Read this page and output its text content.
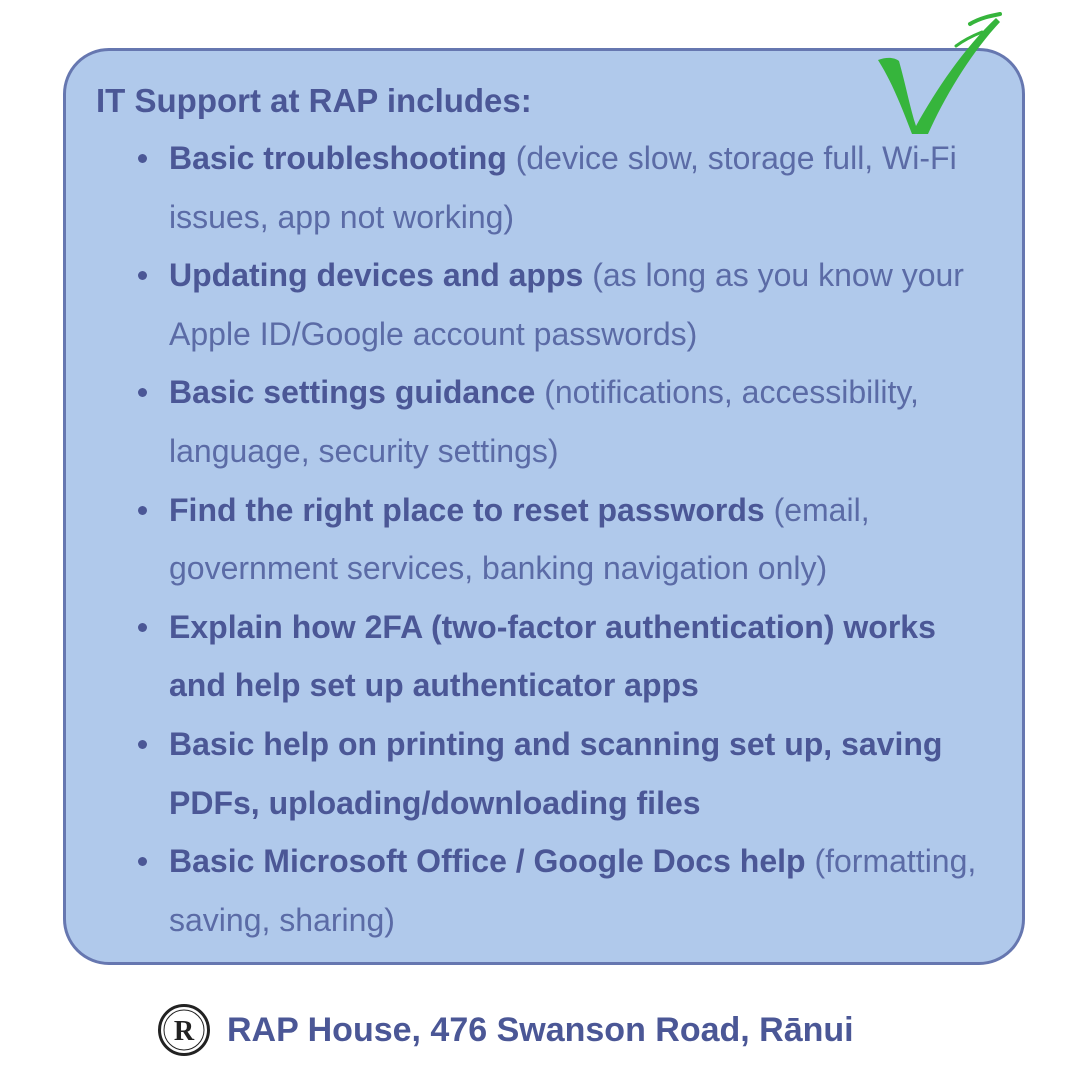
IT Support at RAP includes:
Basic troubleshooting (device slow, storage full, Wi-Fi issues, app not working)
Updating devices and apps (as long as you know your Apple ID/Google account passwords)
Basic settings guidance (notifications, accessibility, language, security settings)
Find the right place to reset passwords (email, government services, banking navigation only)
Explain how 2FA (two-factor authentication) works and help set up authenticator apps
Basic help on printing and scanning set up, saving PDFs, uploading/downloading files
Basic Microsoft Office / Google Docs help (formatting, saving, sharing)
R RAP House, 476 Swanson Road, Rānui
